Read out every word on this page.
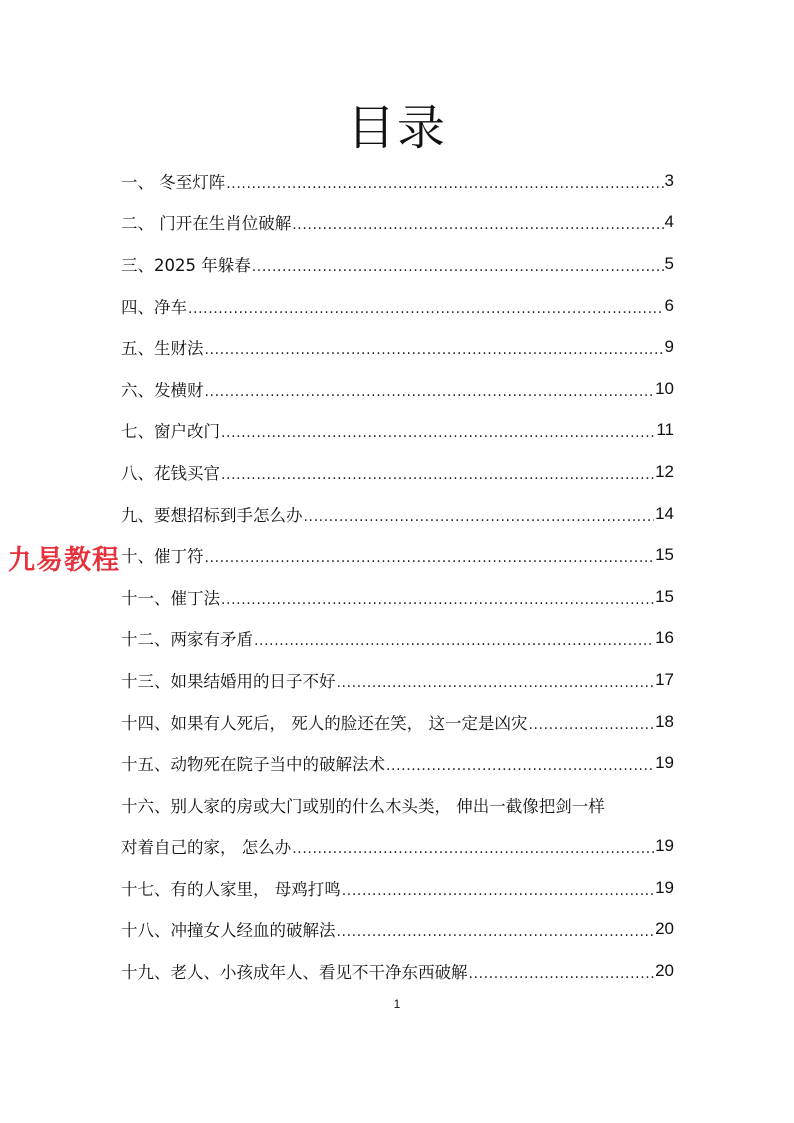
目录
一、 冬至灯阵 .....	3
二、 门开在生肖位破解 .....	4
三、2025 年躲春 .....	5
四、净车 .....	6
五、生财法 .....	9
六、发横财 .....	10
七、窗户改门 .....	11
八、花钱买官 .....	12
九、要想招标到手怎么办 .....	14
十、催丁符 .....	15
十一、催丁法 .....	15
十二、两家有矛盾 .....	16
十三、如果结婚用的日子不好 .....	17
十四、如果有人死后， 死人的脸还在笑， 这一定是凶灾 .....	18
十五、动物死在院子当中的破解法术 .....	19
十六、别人家的房或大门或别的什么木头类， 伸出一截像把剑一样
对着自己的家， 怎么办 .....	19
十七、有的人家里， 母鸡打鸣 .....	19
十八、冲撞女人经血的破解法 .....	20
十九、老人、小孩成年人、看见不干净东西破解 .....	20
九易教程
1
